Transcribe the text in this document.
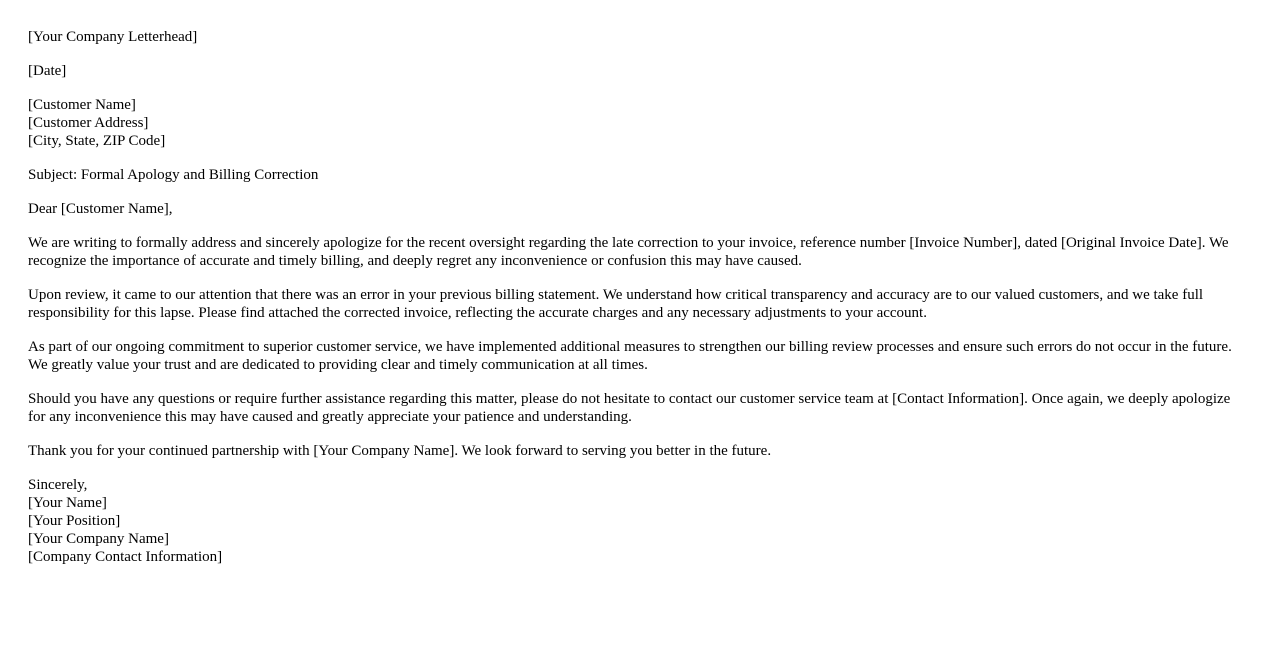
[Your Company Letterhead]
[Date]
[Customer Name]
[Customer Address]
[City, State, ZIP Code]
Subject: Formal Apology and Billing Correction
Dear [Customer Name],

We are writing to formally address and sincerely apologize for the recent oversight regarding the late correction to your invoice, reference number [Invoice Number], dated [Original Invoice Date]. We recognize the importance of accurate and timely billing, and deeply regret any inconvenience or confusion this may have caused.

Upon review, it came to our attention that there was an error in your previous billing statement. We understand how critical transparency and accuracy are to our valued customers, and we take full responsibility for this lapse. Please find attached the corrected invoice, reflecting the accurate charges and any necessary adjustments to your account.

As part of our ongoing commitment to superior customer service, we have implemented additional measures to strengthen our billing review processes and ensure such errors do not occur in the future. We greatly value your trust and are dedicated to providing clear and timely communication at all times.

Should you have any questions or require further assistance regarding this matter, please do not hesitate to contact our customer service team at [Contact Information]. Once again, we deeply apologize for any inconvenience this may have caused and greatly appreciate your patience and understanding.

Thank you for your continued partnership with [Your Company Name]. We look forward to serving you better in the future.

Sincerely,
[Your Name]
[Your Position]
[Your Company Name]
[Company Contact Information]
